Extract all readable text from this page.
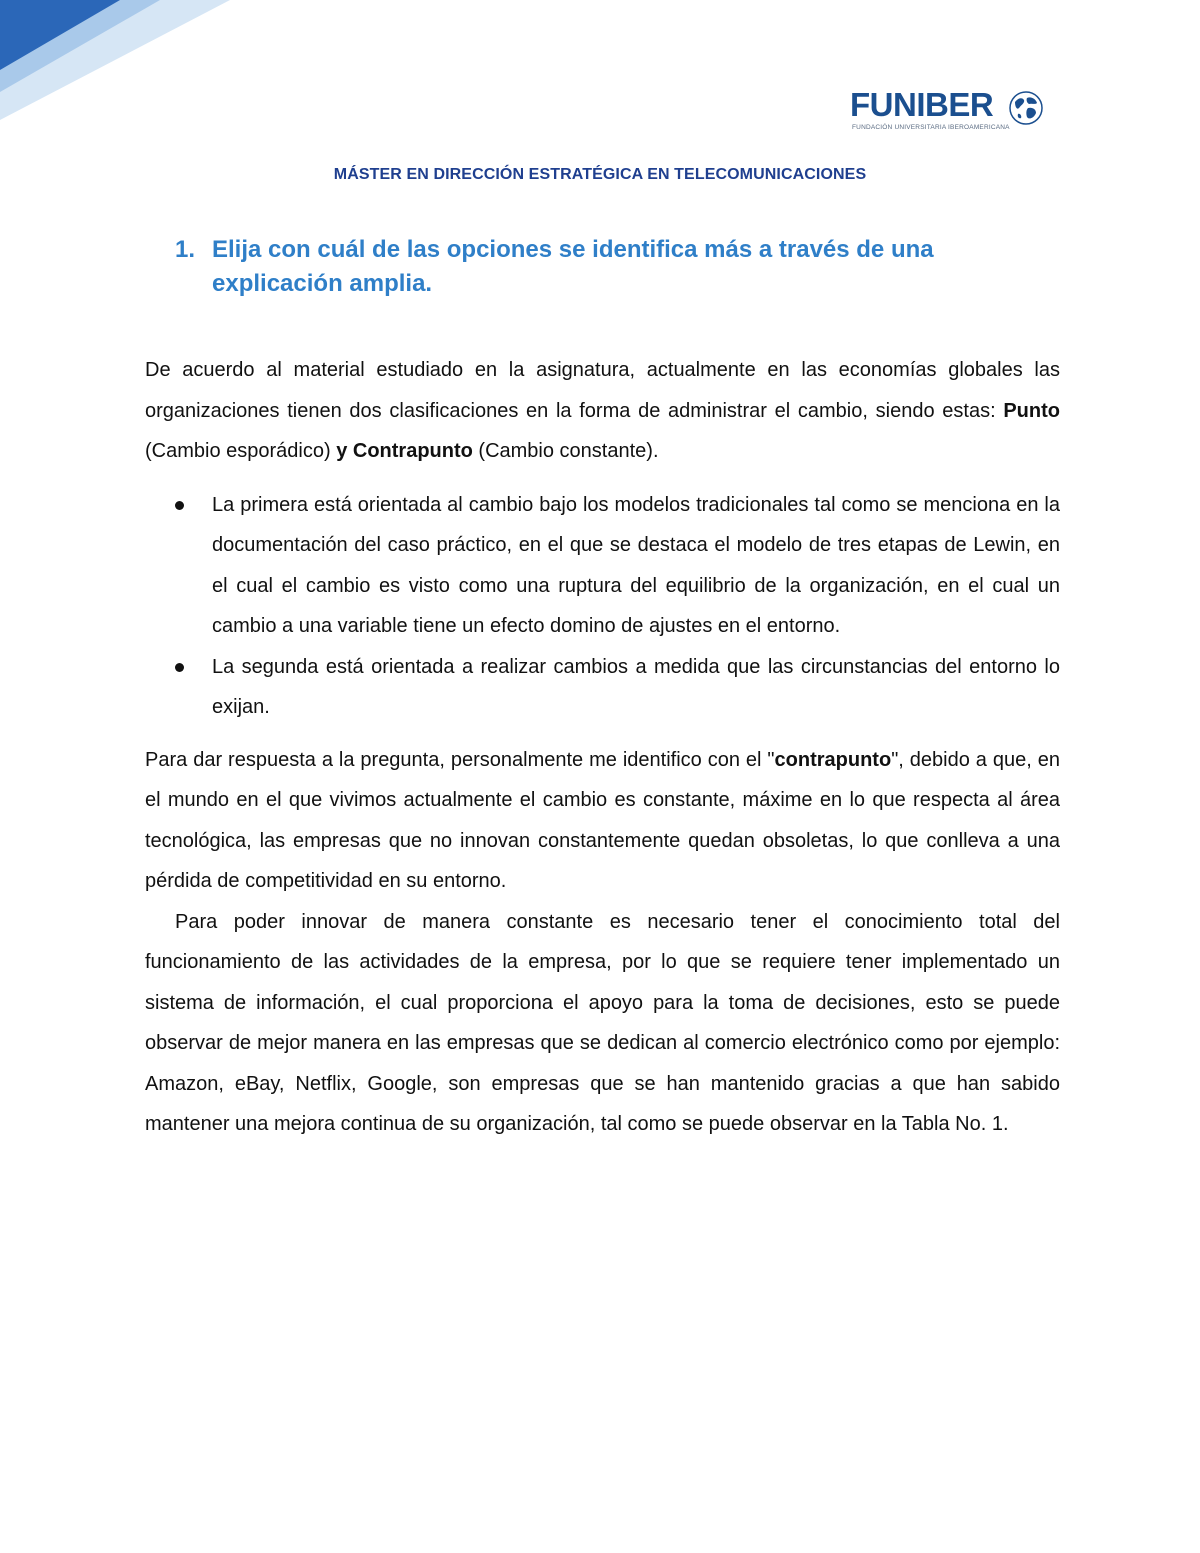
FUNIBER
FUNDACIÓN UNIVERSITARIA IBEROAMERICANA
MÁSTER EN DIRECCIÓN ESTRATÉGICA EN TELECOMUNICACIONES
1. Elija con cuál de las opciones se identifica más a través de una explicación amplia.

De acuerdo al material estudiado en la asignatura, actualmente en las economías globales las organizaciones tienen dos clasificaciones en la forma de administrar el cambio, siendo estas: Punto (Cambio esporádico) y Contrapunto (Cambio constante).

La primera está orientada al cambio bajo los modelos tradicionales tal como se menciona en la documentación del caso práctico, en el que se destaca el modelo de tres etapas de Lewin, en el cual el cambio es visto como una ruptura del equilibrio de la organización, en el cual un cambio a una variable tiene un efecto domino de ajustes en el entorno.
La segunda está orientada a realizar cambios a medida que las circunstancias del entorno lo exijan.

Para dar respuesta a la pregunta, personalmente me identifico con el "contrapunto", debido a que, en el mundo en el que vivimos actualmente el cambio es constante, máxime en lo que respecta al área tecnológica, las empresas que no innovan constantemente quedan obsoletas, lo que conlleva a una pérdida de competitividad en su entorno.

Para poder innovar de manera constante es necesario tener el conocimiento total del funcionamiento de las actividades de la empresa, por lo que se requiere tener implementado un sistema de información, el cual proporciona el apoyo para la toma de decisiones, esto se puede observar de mejor manera en las empresas que se dedican al comercio electrónico como por ejemplo: Amazon, eBay, Netflix, Google, son empresas que se han mantenido gracias a que han sabido mantener una mejora continua de su organización, tal como se puede observar en la Tabla No. 1.
